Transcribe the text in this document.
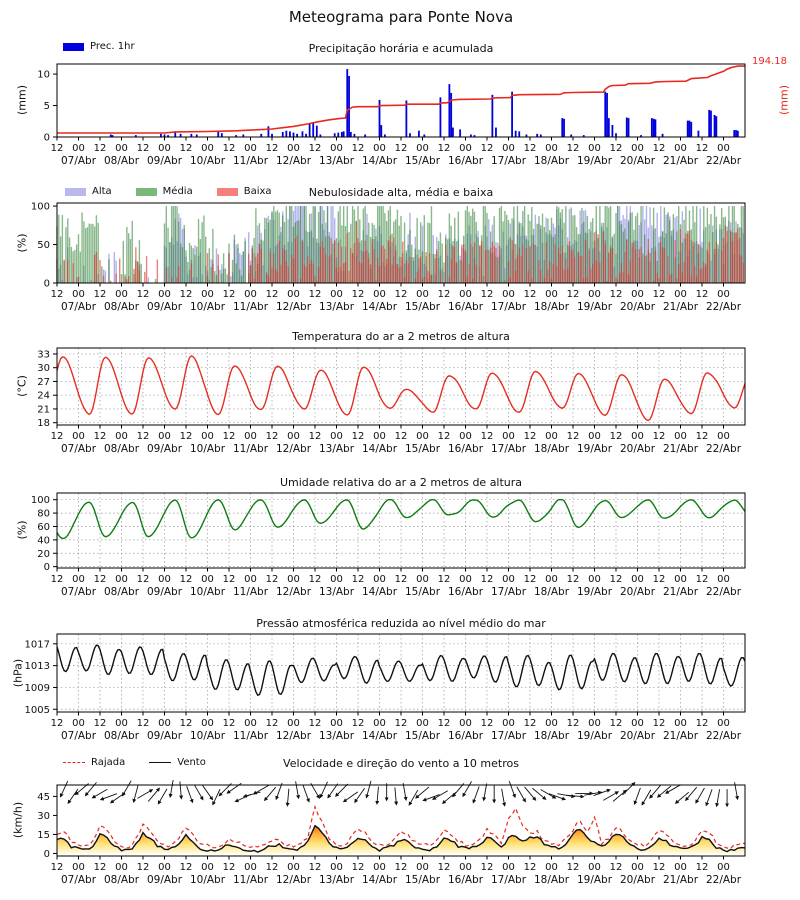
Meteograma para Ponte Nova
Prec. 1hr	Precipitação horária e acumulada
194.18
(mm)	(mm)
Alta	Média	Baixa	Nebulosidade alta, média e baixa
(%)
Temperatura do ar a 2 metros de altura
(°C)
Umidade relativa do ar a 2 metros de altura
(%)
Pressão atmosférica reduzida ao nível médio do mar
(hPa)
Rajada	Vento	Velocidade e direção do vento a 10 metros
(km/h)
0
5
10
12 00 12 00 12 00 12 00 12 00 12 00 12 00 12 00 12 00 12 00 12 00 12 00 12 00 12 00 12 00 12 00
07/Abr 08/Abr 09/Abr 10/Abr 11/Abr 12/Abr 13/Abr 14/Abr 15/Abr 16/Abr 17/Abr 18/Abr 19/Abr 20/Abr 21/Abr 22/Abr
0
50
100
12 00 12 00 12 00 12 00 12 00 12 00 12 00 12 00 12 00 12 00 12 00 12 00 12 00 12 00 12 00 12 00
07/Abr 08/Abr 09/Abr 10/Abr 11/Abr 12/Abr 13/Abr 14/Abr 15/Abr 16/Abr 17/Abr 18/Abr 19/Abr 20/Abr 21/Abr 22/Abr
18
21
24
27
30
33
12 00 12 00 12 00 12 00 12 00 12 00 12 00 12 00 12 00 12 00 12 00 12 00 12 00 12 00 12 00 12 00
07/Abr 08/Abr 09/Abr 10/Abr 11/Abr 12/Abr 13/Abr 14/Abr 15/Abr 16/Abr 17/Abr 18/Abr 19/Abr 20/Abr 21/Abr 22/Abr
0
20
40
60
80
100
12 00 12 00 12 00 12 00 12 00 12 00 12 00 12 00 12 00 12 00 12 00 12 00 12 00 12 00 12 00 12 00
07/Abr 08/Abr 09/Abr 10/Abr 11/Abr 12/Abr 13/Abr 14/Abr 15/Abr 16/Abr 17/Abr 18/Abr 19/Abr 20/Abr 21/Abr 22/Abr
1005
1009
1013
1017
12 00 12 00 12 00 12 00 12 00 12 00 12 00 12 00 12 00 12 00 12 00 12 00 12 00 12 00 12 00 12 00
07/Abr 08/Abr 09/Abr 10/Abr 11/Abr 12/Abr 13/Abr 14/Abr 15/Abr 16/Abr 17/Abr 18/Abr 19/Abr 20/Abr 21/Abr 22/Abr
0
15
30
45
12 00 12 00 12 00 12 00 12 00 12 00 12 00 12 00 12 00 12 00 12 00 12 00 12 00 12 00 12 00 12 00
07/Abr 08/Abr 09/Abr 10/Abr 11/Abr 12/Abr 13/Abr 14/Abr 15/Abr 16/Abr 17/Abr 18/Abr 19/Abr 20/Abr 21/Abr 22/Abr
